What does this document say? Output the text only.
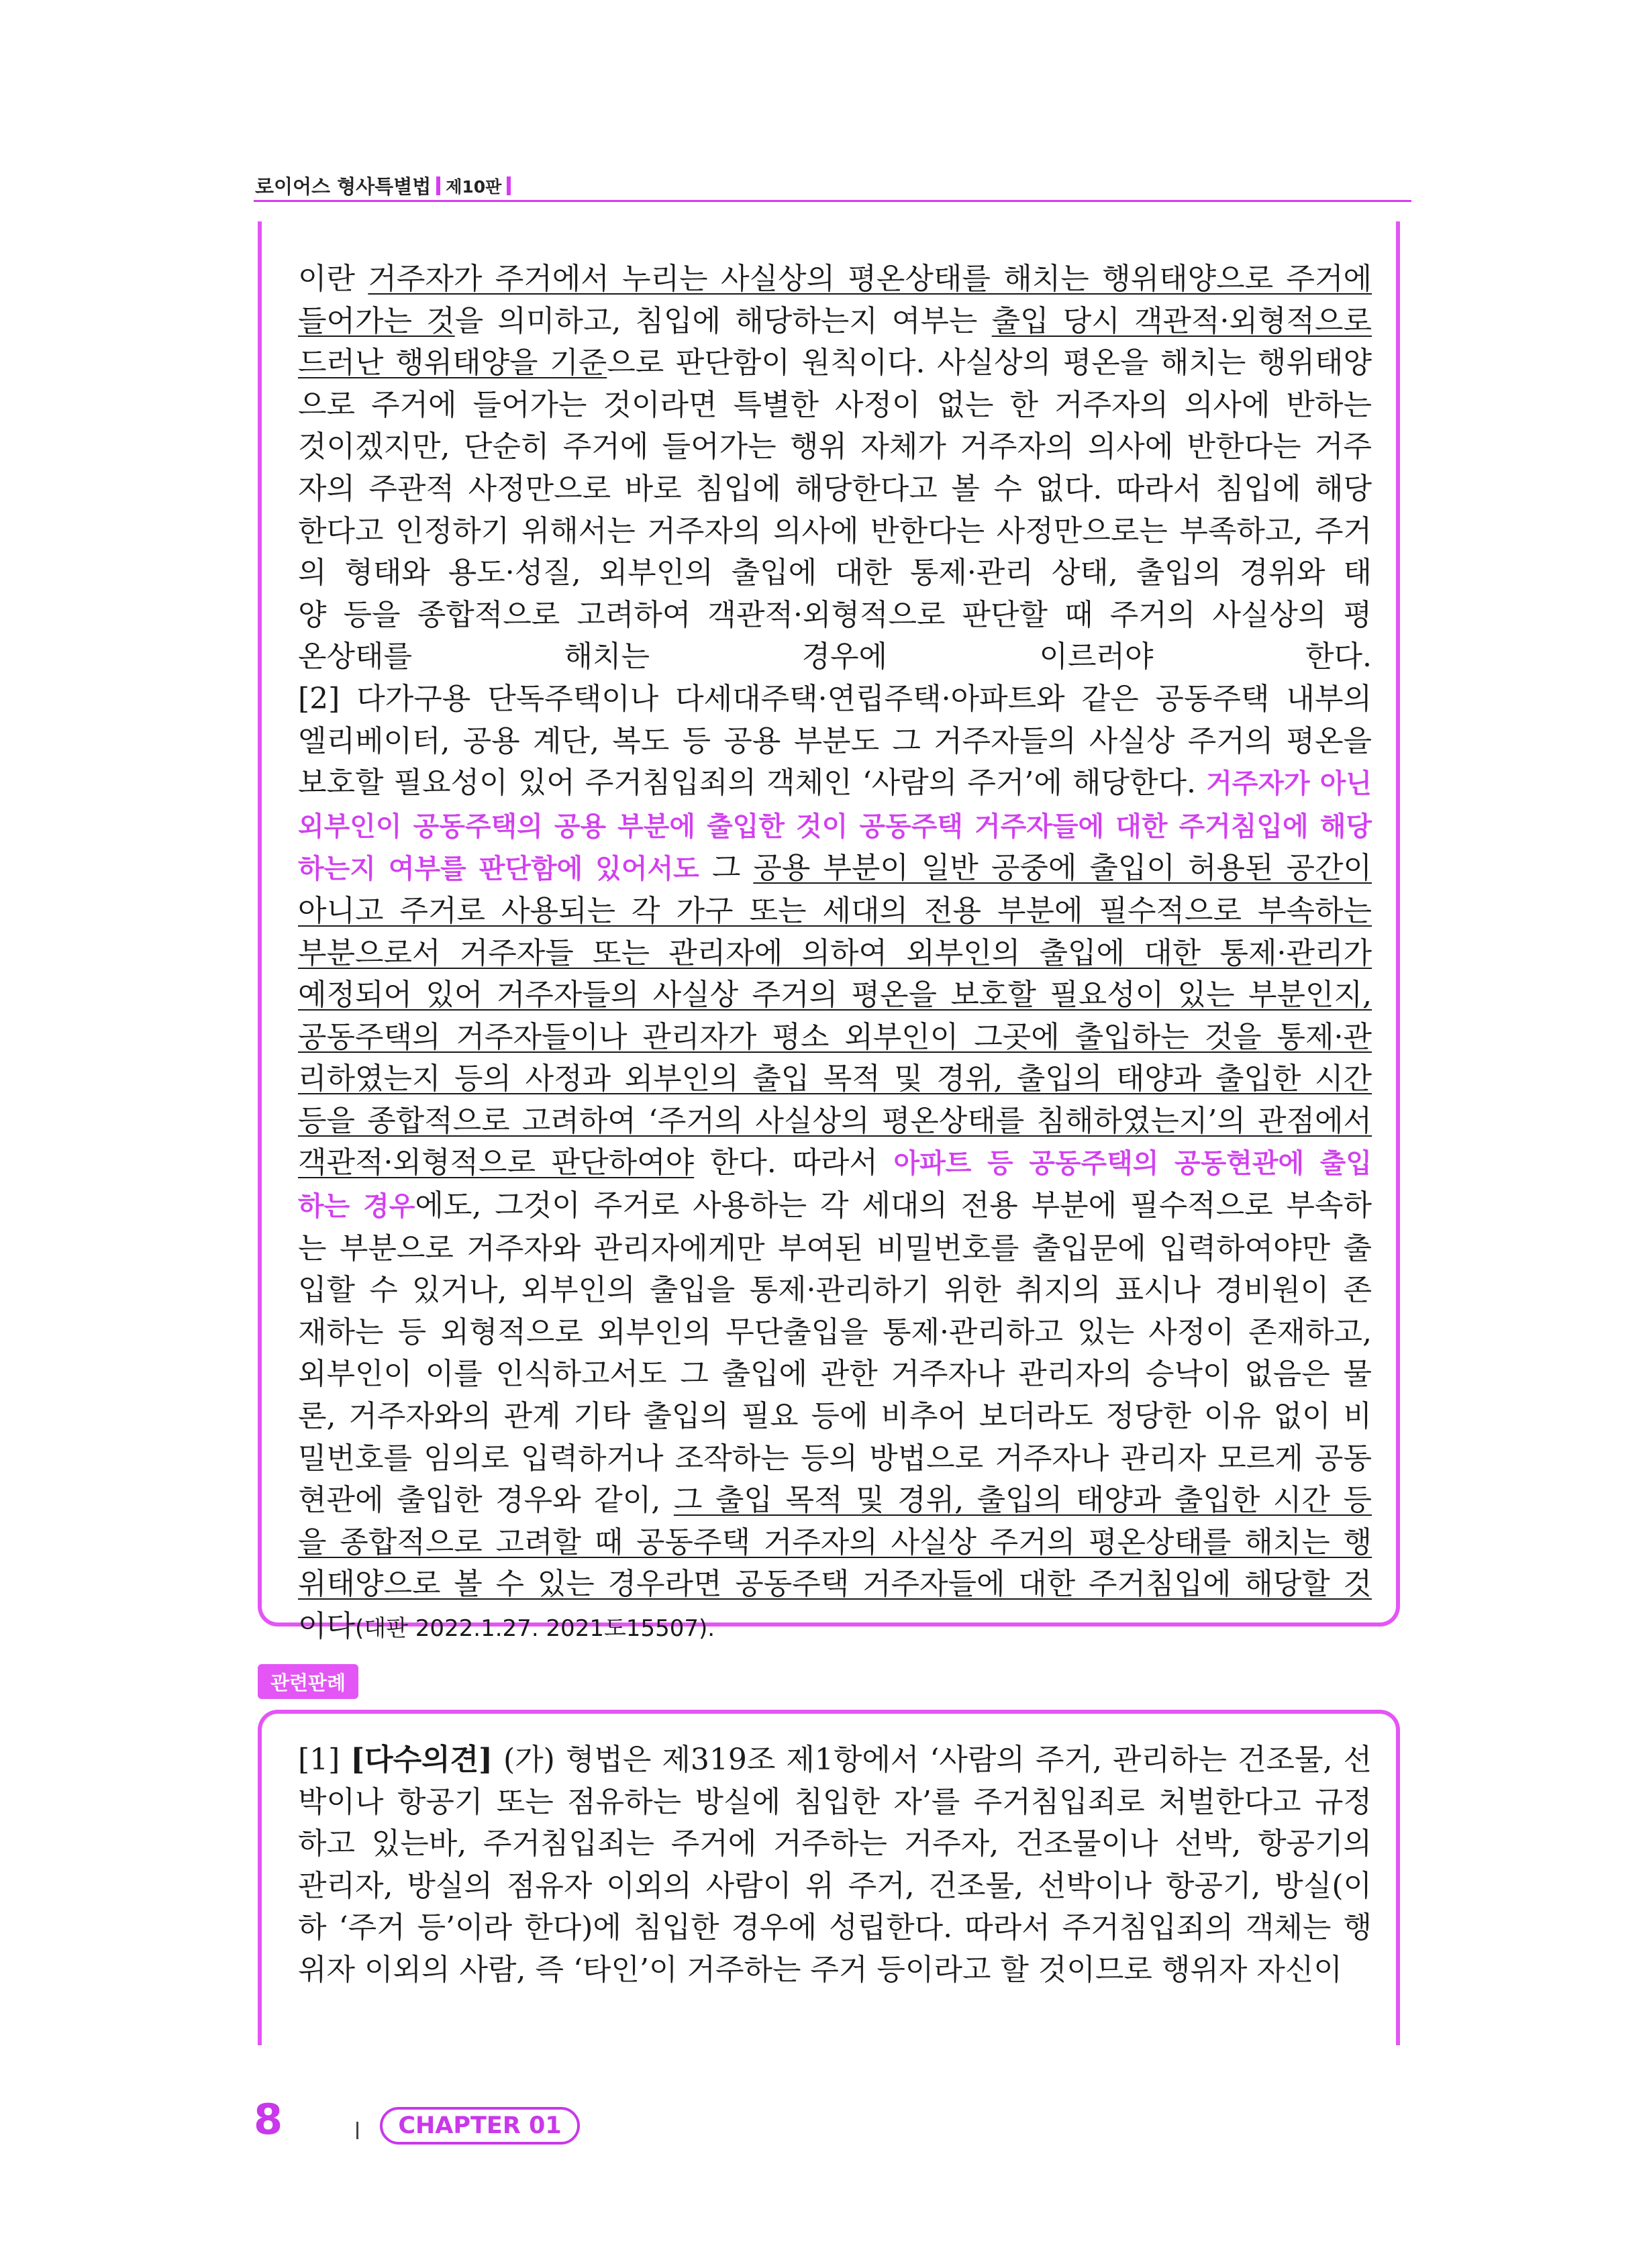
로이어스 형사특별법 제10판
이란 거주자가 주거에서 누리는 사실상의 평온상태를 해치는 행위태양으로 주거에
들어가는 것을 의미하고, 침입에 해당하는지 여부는 출입 당시 객관적·외형적으로
드러난 행위태양을 기준으로 판단함이 원칙이다. 사실상의 평온을 해치는 행위태양
으로 주거에 들어가는 것이라면 특별한 사정이 없는 한 거주자의 의사에 반하는
것이겠지만, 단순히 주거에 들어가는 행위 자체가 거주자의 의사에 반한다는 거주
자의 주관적 사정만으로 바로 침입에 해당한다고 볼 수 없다. 따라서 침입에 해당
한다고 인정하기 위해서는 거주자의 의사에 반한다는 사정만으로는 부족하고, 주거
의 형태와 용도·성질, 외부인의 출입에 대한 통제·관리 상태, 출입의 경위와 태
양 등을 종합적으로 고려하여 객관적·외형적으로 판단할 때 주거의 사실상의 평
온상태를 해치는 경우에 이르러야 한다.
[2] 다가구용 단독주택이나 다세대주택·연립주택·아파트와 같은 공동주택 내부의
엘리베이터, 공용 계단, 복도 등 공용 부분도 그 거주자들의 사실상 주거의 평온을
보호할 필요성이 있어 주거침입죄의 객체인 ‘사람의 주거’에 해당한다. 거주자가 아닌
외부인이 공동주택의 공용 부분에 출입한 것이 공동주택 거주자들에 대한 주거침입에 해당
하는지 여부를 판단함에 있어서도 그 공용 부분이 일반 공중에 출입이 허용된 공간이
아니고 주거로 사용되는 각 가구 또는 세대의 전용 부분에 필수적으로 부속하는
부분으로서 거주자들 또는 관리자에 의하여 외부인의 출입에 대한 통제·관리가
예정되어 있어 거주자들의 사실상 주거의 평온을 보호할 필요성이 있는 부분인지,
공동주택의 거주자들이나 관리자가 평소 외부인이 그곳에 출입하는 것을 통제·관
리하였는지 등의 사정과 외부인의 출입 목적 및 경위, 출입의 태양과 출입한 시간
등을 종합적으로 고려하여 ‘주거의 사실상의 평온상태를 침해하였는지’의 관점에서
객관적·외형적으로 판단하여야 한다. 따라서 아파트 등 공동주택의 공동현관에 출입
하는 경우에도, 그것이 주거로 사용하는 각 세대의 전용 부분에 필수적으로 부속하
는 부분으로 거주자와 관리자에게만 부여된 비밀번호를 출입문에 입력하여야만 출
입할 수 있거나, 외부인의 출입을 통제·관리하기 위한 취지의 표시나 경비원이 존
재하는 등 외형적으로 외부인의 무단출입을 통제·관리하고 있는 사정이 존재하고,
외부인이 이를 인식하고서도 그 출입에 관한 거주자나 관리자의 승낙이 없음은 물
론, 거주자와의 관계 기타 출입의 필요 등에 비추어 보더라도 정당한 이유 없이 비
밀번호를 임의로 입력하거나 조작하는 등의 방법으로 거주자나 관리자 모르게 공동
현관에 출입한 경우와 같이, 그 출입 목적 및 경위, 출입의 태양과 출입한 시간 등
을 종합적으로 고려할 때 공동주택 거주자의 사실상 주거의 평온상태를 해치는 행
위태양으로 볼 수 있는 경우라면 공동주택 거주자들에 대한 주거침입에 해당할 것
이다(대판 2022.1.27. 2021도15507).
관련판례
[1] [다수의견] (가) 형법은 제319조 제1항에서 ‘사람의 주거, 관리하는 건조물, 선
박이나 항공기 또는 점유하는 방실에 침입한 자’를 주거침입죄로 처벌한다고 규정
하고 있는바, 주거침입죄는 주거에 거주하는 거주자, 건조물이나 선박, 항공기의
관리자, 방실의 점유자 이외의 사람이 위 주거, 건조물, 선박이나 항공기, 방실(이
하 ‘주거 등’이라 한다)에 침입한 경우에 성립한다. 따라서 주거침입죄의 객체는 행
위자 이외의 사람, 즉 ‘타인’이 거주하는 주거 등이라고 할 것이므로 행위자 자신이
8	CHAPTER 01
